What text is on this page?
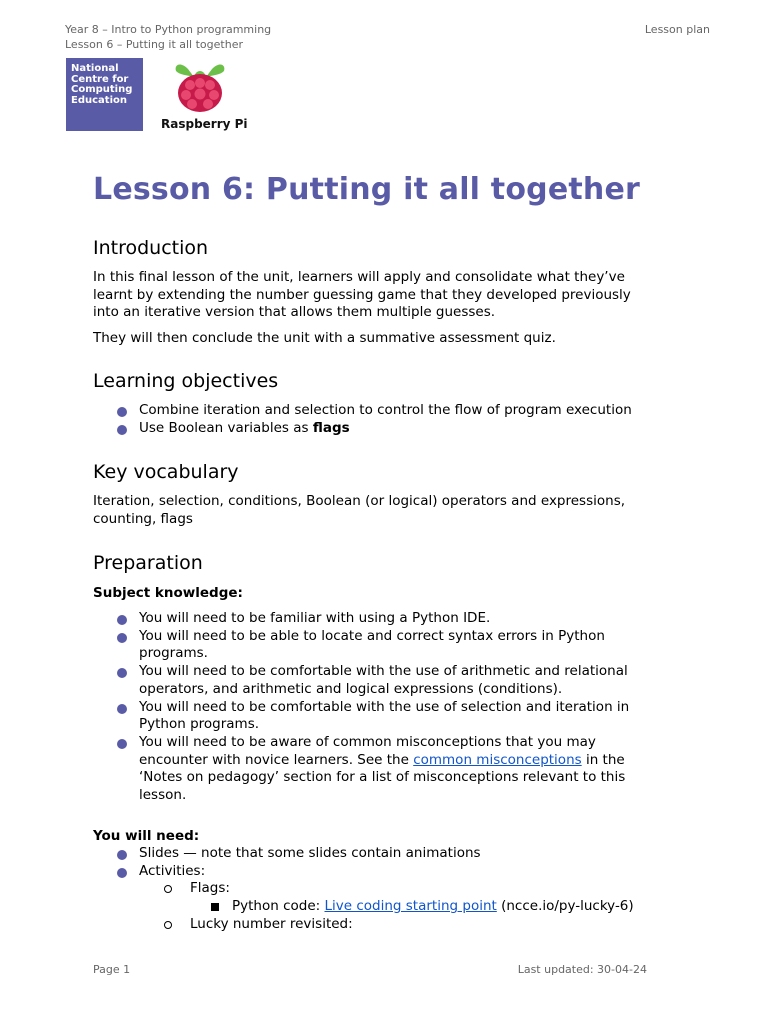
Year 8 – Intro to Python programming
Lesson 6 – Putting it all together
Lesson plan
National
Centre for
Computing
Education
Raspberry Pi
Lesson 6: Putting it all together
Introduction

In this final lesson of the unit, learners will apply and consolidate what they’ve
learnt by extending the number guessing game that they developed previously
into an iterative version that allows them multiple guesses.

They will then conclude the unit with a summative assessment quiz.

Learning objectives
Combine iteration and selection to control the flow of program execution
Use Boolean variables as flags
Key vocabulary

Iteration, selection, conditions, Boolean (or logical) operators and expressions,
counting, flags

Preparation

Subject knowledge:

You will need to be familiar with using a Python IDE.
You will need to be able to locate and correct syntax errors in Python
programs.
You will need to be comfortable with the use of arithmetic and relational
operators, and arithmetic and logical expressions (conditions).
You will need to be comfortable with the use of selection and iteration in
Python programs.
You will need to be aware of common misconceptions that you may
encounter with novice learners. See the common misconceptions in the
‘Notes on pedagogy’ section for a list of misconceptions relevant to this
lesson.

You will need:

Slides — note that some slides contain animations
Activities:
Flags:
Python code: Live coding starting point (ncce.io/py-lucky-6)
Lucky number revisited:
Page 1	Last updated: 30-04-24
